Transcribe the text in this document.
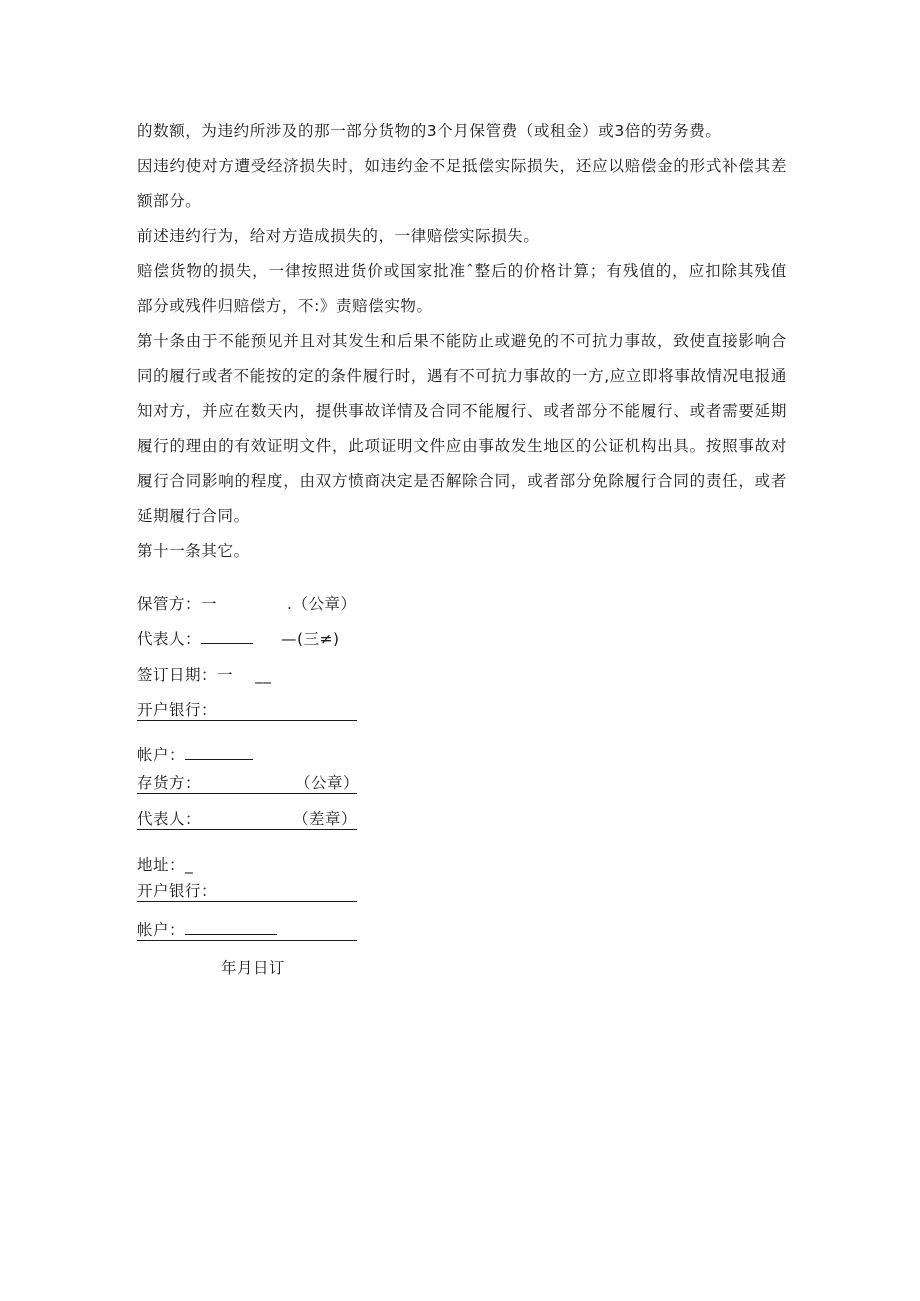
的数额，为违约所涉及的那一部分货物的3个月保管费（或租金）或3倍的劳务费。

因违约使对方遭受经济损失时，如违约金不足抵偿实际损失，还应以赔偿金的形式补偿其差额部分。

前述违约行为，给对方造成损失的，一律赔偿实际损失。

赔偿货物的损失，一律按照进货价或国家批准ˆ整后的价格计算；有残值的，应扣除其残值部分或残件归赔偿方，不:》责赔偿实物。

第十条由于不能预见并且对其发生和后果不能防止或避免的不可抗力事故，致使直接影响合同的履行或者不能按的定的条件履行时，遇有不可抗力事故的一方,应立即将事故情况电报通知对方，并应在数天内，提供事故详情及合同不能履行、或者部分不能履行、或者需要延期履行的理由的有效证明文件，此项证明文件应由事故发生地区的公证机构出具。按照事故对履行合同影响的程度，由双方愤商决定是否解除合同，或者部分免除履行合同的责任，或者延期履行合同。

第十一条其它。

保管方：一	.（公章）
代表人：	—(三≠)
签订日期：一 __
开户银行：
帐户：
存货方：	（公章）
代表人：	（差章）
地址：_
开户银行：
帐户：
年月日订
